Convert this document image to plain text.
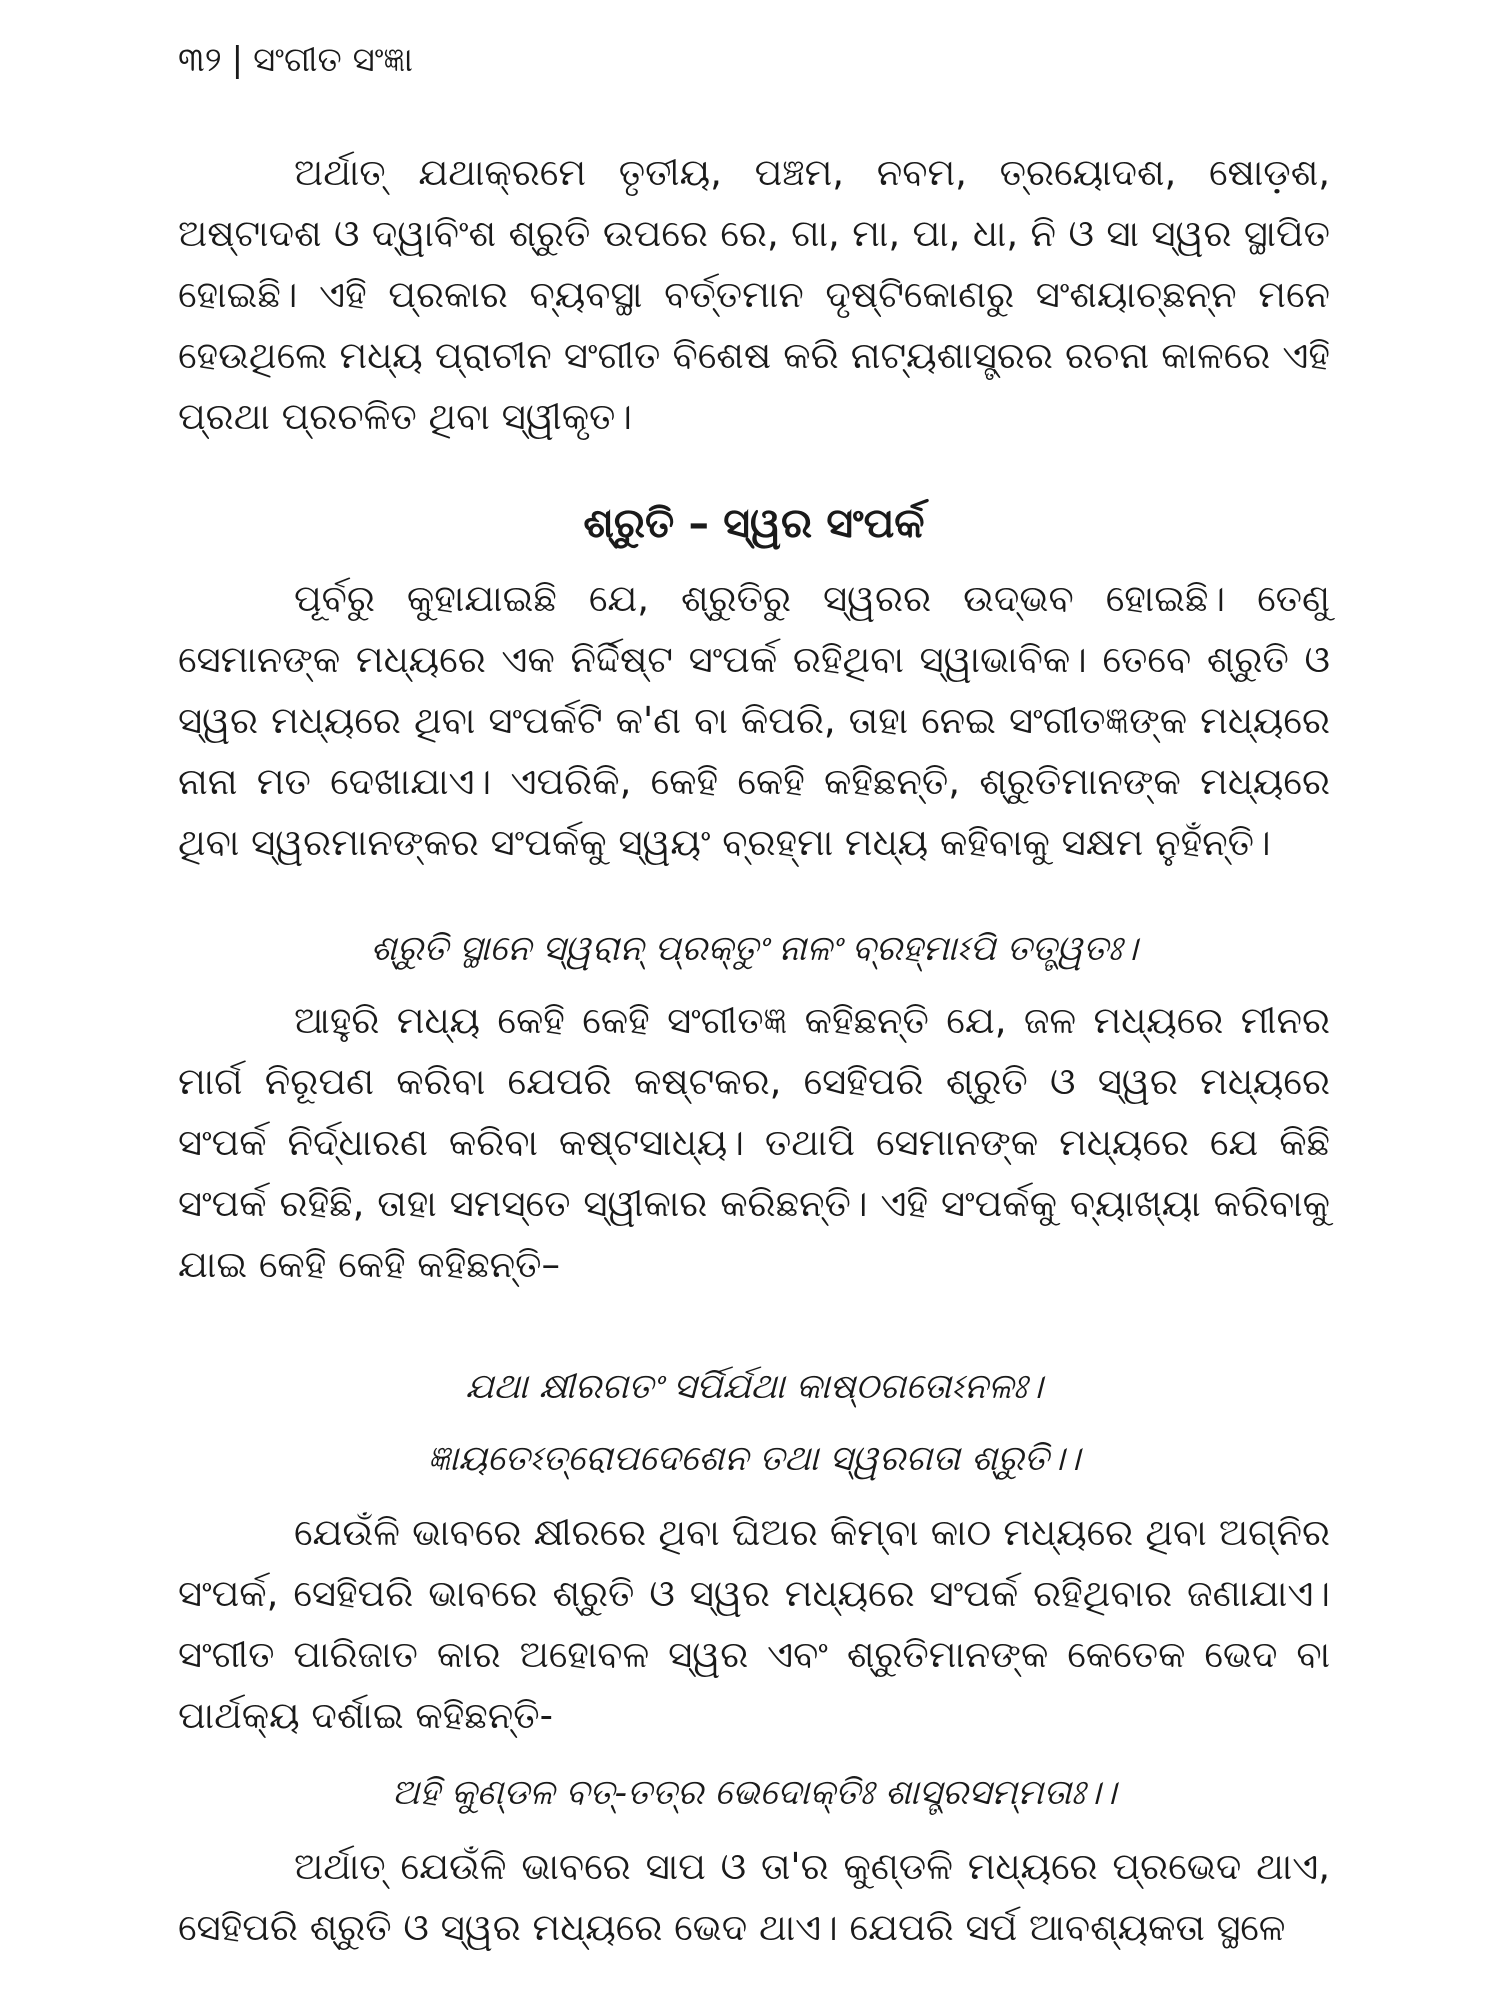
୩୨ | ସଂଗୀତ ସଂଜ୍ଞା

ଅର୍ଥାତ୍ ଯଥାକ୍ରମେ ତୃତୀୟ, ପଞ୍ଚମ, ନବମ, ତ୍ରୟୋଦଶ, ଷୋଡ଼ଶ, ଅଷ୍ଟାଦଶ ଓ ଦ୍ୱାବିଂଶ ଶ୍ରୁତି ଉପରେ ରେ, ଗା, ମା, ପା, ଧା, ନି ଓ ସା ସ୍ୱର ସ୍ଥାପିତ ହୋଇଛି। ଏହି ପ୍ରକାର ବ୍ୟବସ୍ଥା ବର୍ତ୍ତମାନ ଦୃଷ୍ଟିକୋଣରୁ ସଂଶୟାଚ୍ଛନ୍ନ ମନେ ହେଉଥିଲେ ମଧ୍ୟ ପ୍ରାଚୀନ ସଂଗୀତ ବିଶେଷ କରି ନାଟ୍ୟଶାସ୍ତ୍ରର ରଚନା କାଳରେ ଏହି ପ୍ରଥା ପ୍ରଚଳିତ ଥିବା ସ୍ୱୀକୃତ।

ଶ୍ରୁତି – ସ୍ୱର ସଂପର୍କ

ପୂର୍ବରୁ କୁହାଯାଇଛି ଯେ, ଶ୍ରୁତିରୁ ସ୍ୱରର ଉଦ୍ଭବ ହୋଇଛି। ତେଣୁ ସେମାନଙ୍କ ମଧ୍ୟରେ ଏକ ନିର୍ଦ୍ଦିଷ୍ଟ ସଂପର୍କ ରହିଥିବା ସ୍ୱାଭାବିକ। ତେବେ ଶ୍ରୁତି ଓ ସ୍ୱର ମଧ୍ୟରେ ଥିବା ସଂପର୍କଟି କ'ଣ ବା କିପରି, ତାହା ନେଇ ସଂଗୀତଜ୍ଞଙ୍କ ମଧ୍ୟରେ ନାନା ମତ ଦେଖାଯାଏ। ଏପରିକି, କେହି କେହି କହିଛନ୍ତି, ଶ୍ରୁତିମାନଙ୍କ ମଧ୍ୟରେ ଥିବା ସ୍ୱରମାନଙ୍କର ସଂପର୍କକୁ ସ୍ୱୟଂ ବ୍ରହ୍ମା ମଧ୍ୟ କହିବାକୁ ସକ୍ଷମ ନୁହଁନ୍ତି।

ଶ୍ରୁତି ସ୍ଥାନେ ସ୍ୱରାନ୍ ପ୍ରକ୍ତୁଂ ନାଳଂ ବ୍ରହ୍ମାଽପି ତତ୍ତ୍ୱତଃ।

ଆହୁରି ମଧ୍ୟ କେହି କେହି ସଂଗୀତଜ୍ଞ କହିଛନ୍ତି ଯେ, ଜଳ ମଧ୍ୟରେ ମୀନର ମାର୍ଗ ନିରୂପଣ କରିବା ଯେପରି କଷ୍ଟକର, ସେହିପରି ଶ୍ରୁତି ଓ ସ୍ୱର ମଧ୍ୟରେ ସଂପର୍କ ନିର୍ଦ୍ଧାରଣ କରିବା କଷ୍ଟସାଧ୍ୟ। ତଥାପି ସେମାନଙ୍କ ମଧ୍ୟରେ ଯେ କିଛି ସଂପର୍କ ରହିଛି, ତାହା ସମସ୍ତେ ସ୍ୱୀକାର କରିଛନ୍ତି। ଏହି ସଂପର୍କକୁ ବ୍ୟାଖ୍ୟା କରିବାକୁ ଯାଇ କେହି କେହି କହିଛନ୍ତି–

ଯଥା କ୍ଷୀରଗତଂ ସର୍ପିର୍ଯଥା କାଷ୍ଠଗତୋଽନଳଃ।

ଜ୍ଞାୟତେଽତ୍ରୋପଦେଶେନ ତଥା ସ୍ୱରଗତା ଶ୍ରୁତି।।

ଯେଉଁଳି ଭାବରେ କ୍ଷୀରରେ ଥିବା ଘିଅର କିମ୍ବା କାଠ ମଧ୍ୟରେ ଥିବା ଅଗ୍ନିର ସଂପର୍କ, ସେହିପରି ଭାବରେ ଶ୍ରୁତି ଓ ସ୍ୱର ମଧ୍ୟରେ ସଂପର୍କ ରହିଥିବାର ଜଣାଯାଏ। ସଂଗୀତ ପାରିଜାତ କାର ଅହୋବଳ ସ୍ୱର ଏବଂ ଶ୍ରୁତିମାନଙ୍କ କେତେକ ଭେଦ ବା ପାର୍ଥକ୍ୟ ଦର୍ଶାଇ କହିଛନ୍ତି-

ଅହି କୁଣ୍ଡଳ ବତ୍-ତତ୍ର ଭେଦୋକ୍ତିଃ ଶାସ୍ତ୍ରସମ୍ମତାଃ।।

ଅର୍ଥାତ୍ ଯେଉଁଳି ଭାବରେ ସାପ ଓ ତା'ର କୁଣ୍ଡଳି ମଧ୍ୟରେ ପ୍ରଭେଦ ଥାଏ, ସେହିପରି ଶ୍ରୁତି ଓ ସ୍ୱର ମଧ୍ୟରେ ଭେଦ ଥାଏ। ଯେପରି ସର୍ପ ଆବଶ୍ୟକତା ସ୍ଥଳେ
